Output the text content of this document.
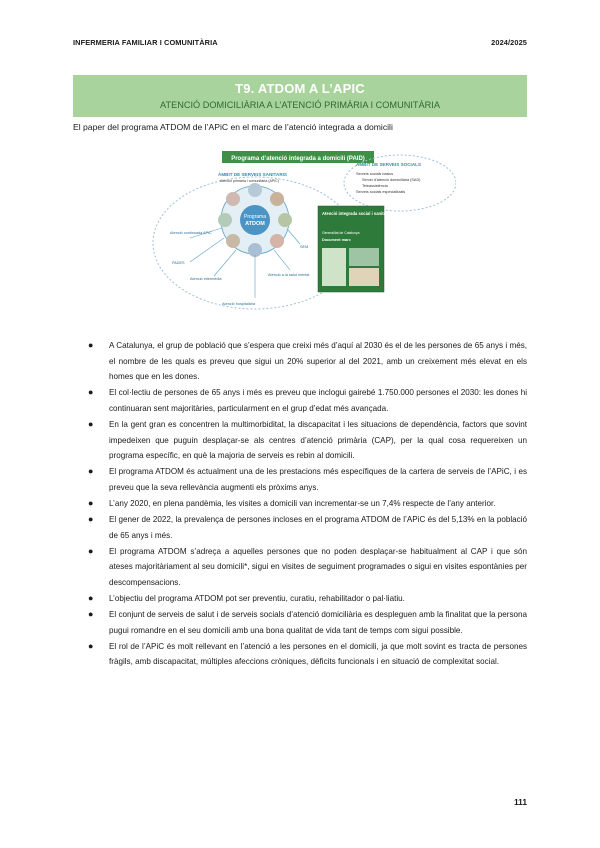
INFERMERIA FAMILIAR I COMUNITÀRIA	2024/2025
T9. ATDOM A L’APIC
ATENCIÓ DOMICILIÀRIA A L’ATENCIÓ PRIMÀRIA I COMUNITÀRIA
El paper del programa ATDOM de l’APiC en el marc de l’atenció integrada a domicili
Programa d’atenció integrada a domicili (PAID)
ÀMBIT DE SERVEIS SANITARIS
Atenció primària i comunitària (APiC)
Programa
ATDOM
Atenció continuada APiC
PADES
Atenció intermèdia
Atenció hospitalària
Atenció a la salut mental
SEM
ÀMBIT DE SERVEIS SOCIALS
Serveis socials bàsics
Servei d’atenció domiciliària (SAD)
Teleassistència
Serveis socials especialitzats
Atenció integrada social i sanitària
Generalitat de Catalunya
Document marc
● A Catalunya, el grup de població que s’espera que creixi més d’aquí al 2030 és el de les persones de 65 anys i més, el nombre de les quals es preveu que sigui un 20% superior al del 2021, amb un creixement més elevat en els homes que en les dones.
● El col·lectiu de persones de 65 anys i més es preveu que inclogui gairebé 1.750.000 persones el 2030: les dones hi continuaran sent majoritàries, particularment en el grup d’edat més avançada.
● En la gent gran es concentren la multimorbiditat, la discapacitat i les situacions de dependència, factors que sovint impedeixen que puguin desplaçar-se als centres d’atenció primària (CAP), per la qual cosa requereixen un programa específic, en què la majoria de serveis es rebin al domicili.
● El programa ATDOM és actualment una de les prestacions més específiques de la cartera de serveis de l’APiC, i es preveu que la seva rellevància augmenti els pròxims anys.
● L’any 2020, en plena pandèmia, les visites a domicili van incrementar-se un 7,4% respecte de l’any anterior.
● El gener de 2022, la prevalença de persones incloses en el programa ATDOM de l’APiC és del 5,13% en la població de 65 anys i més.
● El programa ATDOM s’adreça a aquelles persones que no poden desplaçar-se habitualment al CAP i que són ateses majoritàriament al seu domicili*, sigui en visites de seguiment programades o sigui en visites espontànies per descompensacions.
● L’objectiu del programa ATDOM pot ser preventiu, curatiu, rehabilitador o pal·liatiu.
● El conjunt de serveis de salut i de serveis socials d’atenció domiciliària es despleguen amb la finalitat que la persona pugui romandre en el seu domicili amb una bona qualitat de vida tant de temps com sigui possible.
● El rol de l’APiC és molt rellevant en l’atenció a les persones en el domicili, ja que molt sovint es tracta de persones fràgils, amb discapacitat, múltiples afeccions cròniques, dèficits funcionals i en situació de complexitat social.
111
